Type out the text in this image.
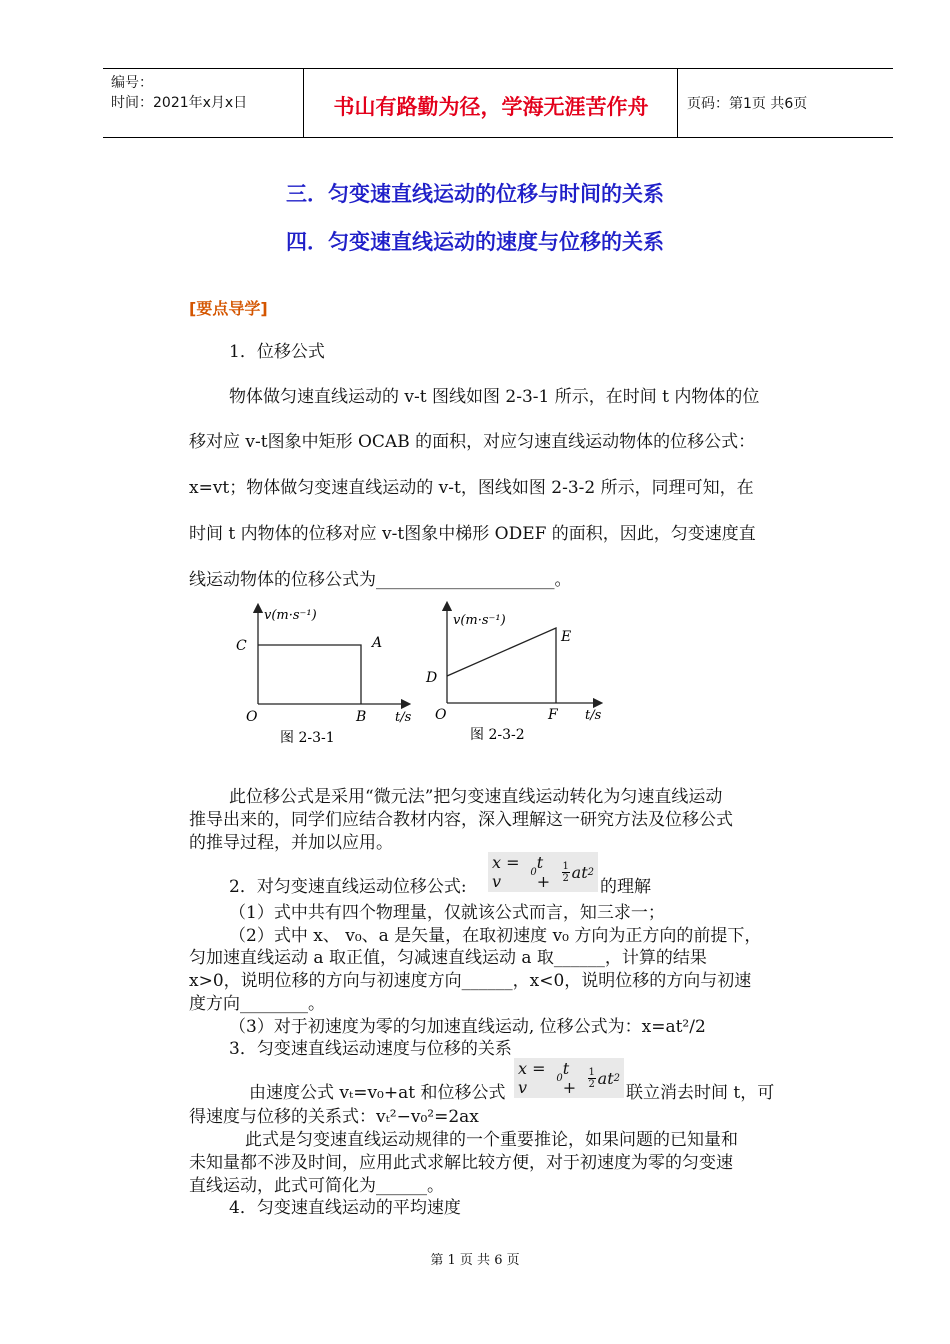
编号：
时间：2021年x月x日	书山有路勤为径，学海无涯苦作舟	页码：第1页 共6页
三．匀变速直线运动的位移与时间的关系
四．匀变速直线运动的速度与位移的关系
[要点导学]
1．位移公式
物体做匀速直线运动的 v-t 图线如图 2-3-1 所示，在时间 t 内物体的位
移对应 v-t图象中矩形 OCAB 的面积，对应匀速直线运动物体的位移公式：
x=vt；物体做匀变速直线运动的 v-t，图线如图 2-3-2 所示，同理可知，在
时间 t 内物体的位移对应 v-t图象中梯形 ODEF 的面积，因此，匀变速度直
线运动物体的位移公式为_____________________。
v(m·s⁻¹)
C	A
O	B t/s
图 2-3-1
v(m·s⁻¹)
D
E
O	F t/s
图 2-3-2
此位移公式是采用“微元法”把匀变速直线运动转化为匀速直线运动
推导出来的，同学们应结合教材内容，深入理解这一研究方法及位移公式
的推导过程，并加以应用。
2．对匀变速直线运动位移公式:
x = v	0 t +	$\frac{1}{2}$ at 2
的理解
（1）式中共有四个物理量，仅就该公式而言，知三求一；
（2）式中 x、 v₀、a 是矢量，在取初速度 v₀ 方向为正方向的前提下，
匀加速直线运动 a 取正值，匀减速直线运动 a 取______，计算的结果
x>0，说明位移的方向与初速度方向______，x<0，说明位移的方向与初速
度方向________。
（3）对于初速度为零的匀加速直线运动, 位移公式为：x=at²/2
3．匀变速直线运动速度与位移的关系
由速度公式 vₜ=v₀+at 和位移公式
x = v	0 t +	$\frac{1}{2}$ at 2
联立消去时间 t，可
得速度与位移的关系式：vₜ²−v₀²=2ax
此式是匀变速直线运动规律的一个重要推论，如果问题的已知量和
未知量都不涉及时间，应用此式求解比较方便，对于初速度为零的匀变速
直线运动，此式可简化为______。
4．匀变速直线运动的平均速度
第 1 页 共 6 页
